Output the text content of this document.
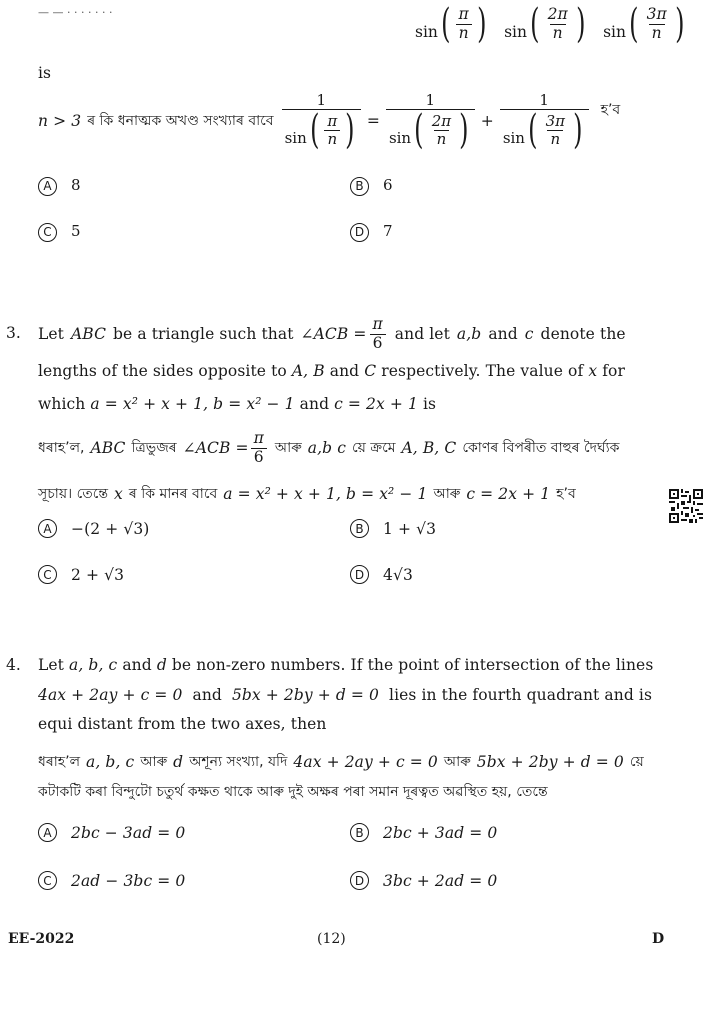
— — · · · · · · ·
sin ( $\frac{\pi}{n}$ ) sin ( $\frac{2\pi}{n}$ ) sin ( $\frac{3\pi}{n}$ )
is
n > 3 ৰ কি ধনাত্মক অখণ্ড সংখ্যাৰ বাবে $\frac{1}{\sin ( \frac{\pi}{n} )} = \frac{1}{\sin ( \frac{2\pi}{n} )} + \frac{1}{\sin ( \frac{3\pi}{n} )}$ হ’ব
A 8	B 6
C 5	D 7
3. Let ABC be a triangle such that ∠ACB = $\frac{\pi}{6}$ and let a,b and c denote the
lengths of the sides opposite to A, B and C respectively. The value of x for
which a = x² + x + 1, b = x² − 1 and c = 2x + 1 is
ধৰাহ’ল, ABC ত্ৰিভুজৰ ∠ACB = $\frac{\pi}{6}$ আৰু a,b c য়ে ক্ৰমে A, B, C কোণৰ বিপৰীত বাহুৰ দৈৰ্ঘ্যক
সূচায়। তেন্তে x ৰ কি মানৰ বাবে a = x² + x + 1, b = x² − 1 আৰু c = 2x + 1 হ’ব
A	−(2 + √3)	B	1 + √3
C	2 + √3	D	4√3
4. Let a, b, c and d be non-zero numbers. If the point of intersection of the lines
4ax + 2ay + c = 0 and 5bx + 2by + d = 0 lies in the fourth quadrant and is
equi distant from the two axes, then
ধৰাহ’ল a, b, c আৰু d অশূন্য সংখ্যা, যদি 4ax + 2ay + c = 0 আৰু 5bx + 2by + d = 0 য়ে
কটাকটি কৰা বিন্দুটো চতুৰ্থ কক্ষত থাকে আৰু দুই অক্ষৰ পৰা সমান দূৰত্বত অৱস্থিত হয়, তেন্তে
A	2bc − 3ad = 0	B	2bc + 3ad = 0
C	2ad − 3bc = 0	D	3bc + 2ad = 0
EE-2022	(12)	D
